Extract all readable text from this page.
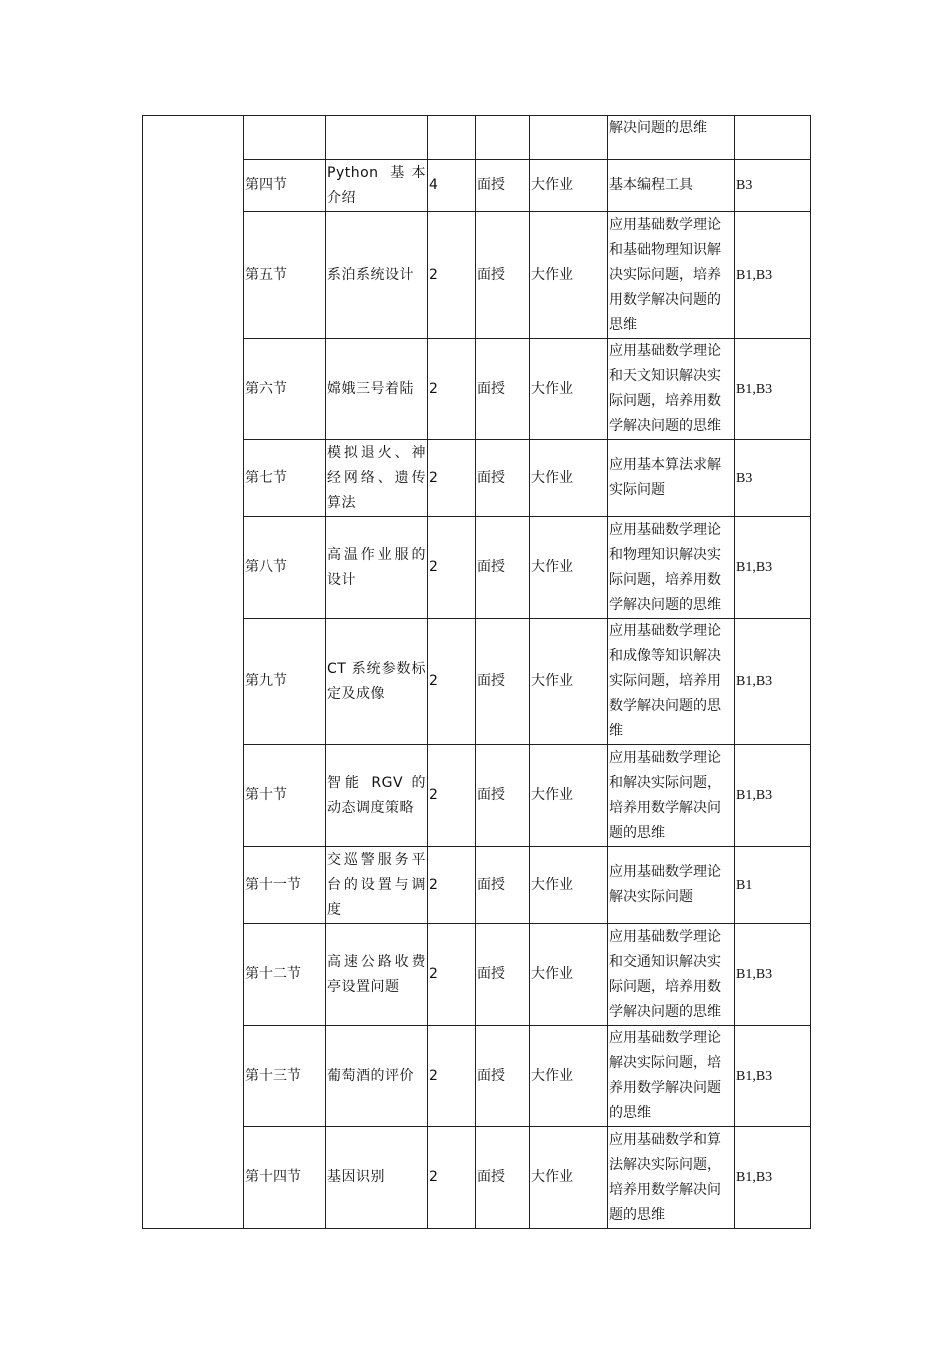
						解决问题的思维	
	第四节	Python 基本介绍	4	面授	大作业	基本编程工具	B3
	第五节	系泊系统设计	2	面授	大作业	应用基础数学理论和基础物理知识解决实际问题，培养用数学解决问题的思维	B1,B3
	第六节	嫦娥三号着陆	2	面授	大作业	应用基础数学理论和天文知识解决实际问题，培养用数学解决问题的思维	B1,B3
	第七节	模拟退火、神经网络、遗传算法	2	面授	大作业	应用基本算法求解实际问题	B3
	第八节	高温作业服的设计	2	面授	大作业	应用基础数学理论和物理知识解决实际问题，培养用数学解决问题的思维	B1,B3
	第九节	CT 系统参数标定及成像	2	面授	大作业	应用基础数学理论和成像等知识解决实际问题，培养用数学解决问题的思维	B1,B3
	第十节	智能 RGV 的动态调度策略	2	面授	大作业	应用基础数学理论和解决实际问题，培养用数学解决问题的思维	B1,B3
	第十一节	交巡警服务平台的设置与调度	2	面授	大作业	应用基础数学理论解决实际问题	B1
	第十二节	高速公路收费亭设置问题	2	面授	大作业	应用基础数学理论和交通知识解决实际问题，培养用数学解决问题的思维	B1,B3
	第十三节	葡萄酒的评价	2	面授	大作业	应用基础数学理论解决实际问题，培养用数学解决问题的思维	B1,B3
	第十四节	基因识别	2	面授	大作业	应用基础数学和算法解决实际问题，培养用数学解决问题的思维	B1,B3
